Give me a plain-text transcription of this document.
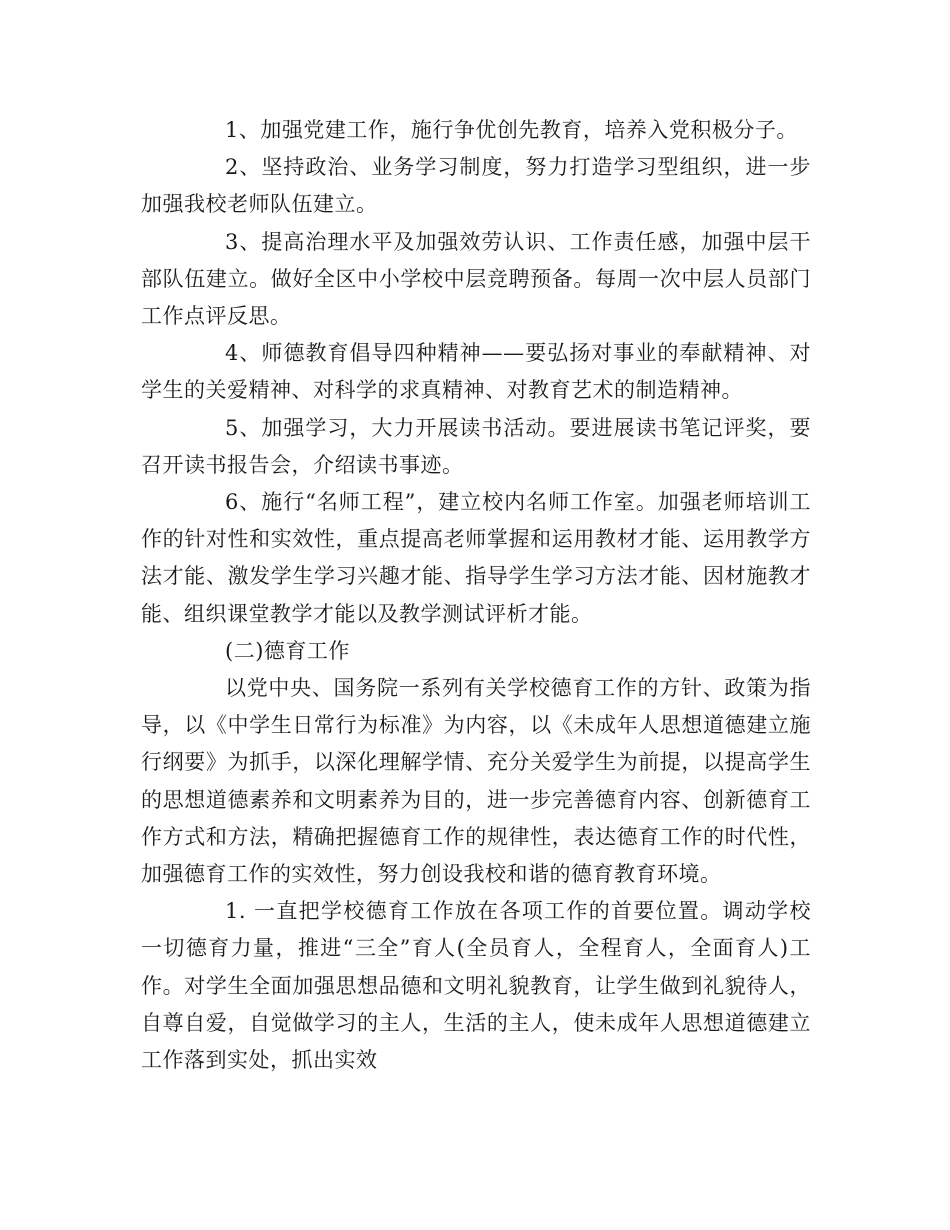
1、加强党建工作，施行争优创先教育，培养入党积极分子。

2、坚持政治、业务学习制度，努力打造学习型组织，进一步加强我校老师队伍建立。

3、提高治理水平及加强效劳认识、工作责任感，加强中层干部队伍建立。做好全区中小学校中层竞聘预备。每周一次中层人员部门工作点评反思。

4、师德教育倡导四种精神——要弘扬对事业的奉献精神、对学生的关爱精神、对科学的求真精神、对教育艺术的制造精神。

5、加强学习，大力开展读书活动。要进展读书笔记评奖，要召开读书报告会，介绍读书事迹。

6、施行“名师工程”，建立校内名师工作室。加强老师培训工作的针对性和实效性，重点提高老师掌握和运用教材才能、运用教学方法才能、激发学生学习兴趣才能、指导学生学习方法才能、因材施教才能、组织课堂教学才能以及教学测试评析才能。

(二)德育工作

以党中央、国务院一系列有关学校德育工作的方针、政策为指导，以《中学生日常行为标准》为内容，以《未成年人思想道德建立施行纲要》为抓手，以深化理解学情、充分关爱学生为前提，以提高学生的思想道德素养和文明素养为目的，进一步完善德育内容、创新德育工作方式和方法，精确把握德育工作的规律性，表达德育工作的时代性，加强德育工作的实效性，努力创设我校和谐的德育教育环境。

1. 一直把学校德育工作放在各项工作的首要位置。调动学校一切德育力量，推进“三全”育人(全员育人，全程育人，全面育人)工作。对学生全面加强思想品德和文明礼貌教育，让学生做到礼貌待人，自尊自爱，自觉做学习的主人，生活的主人，使未成年人思想道德建立工作落到实处，抓出实效
